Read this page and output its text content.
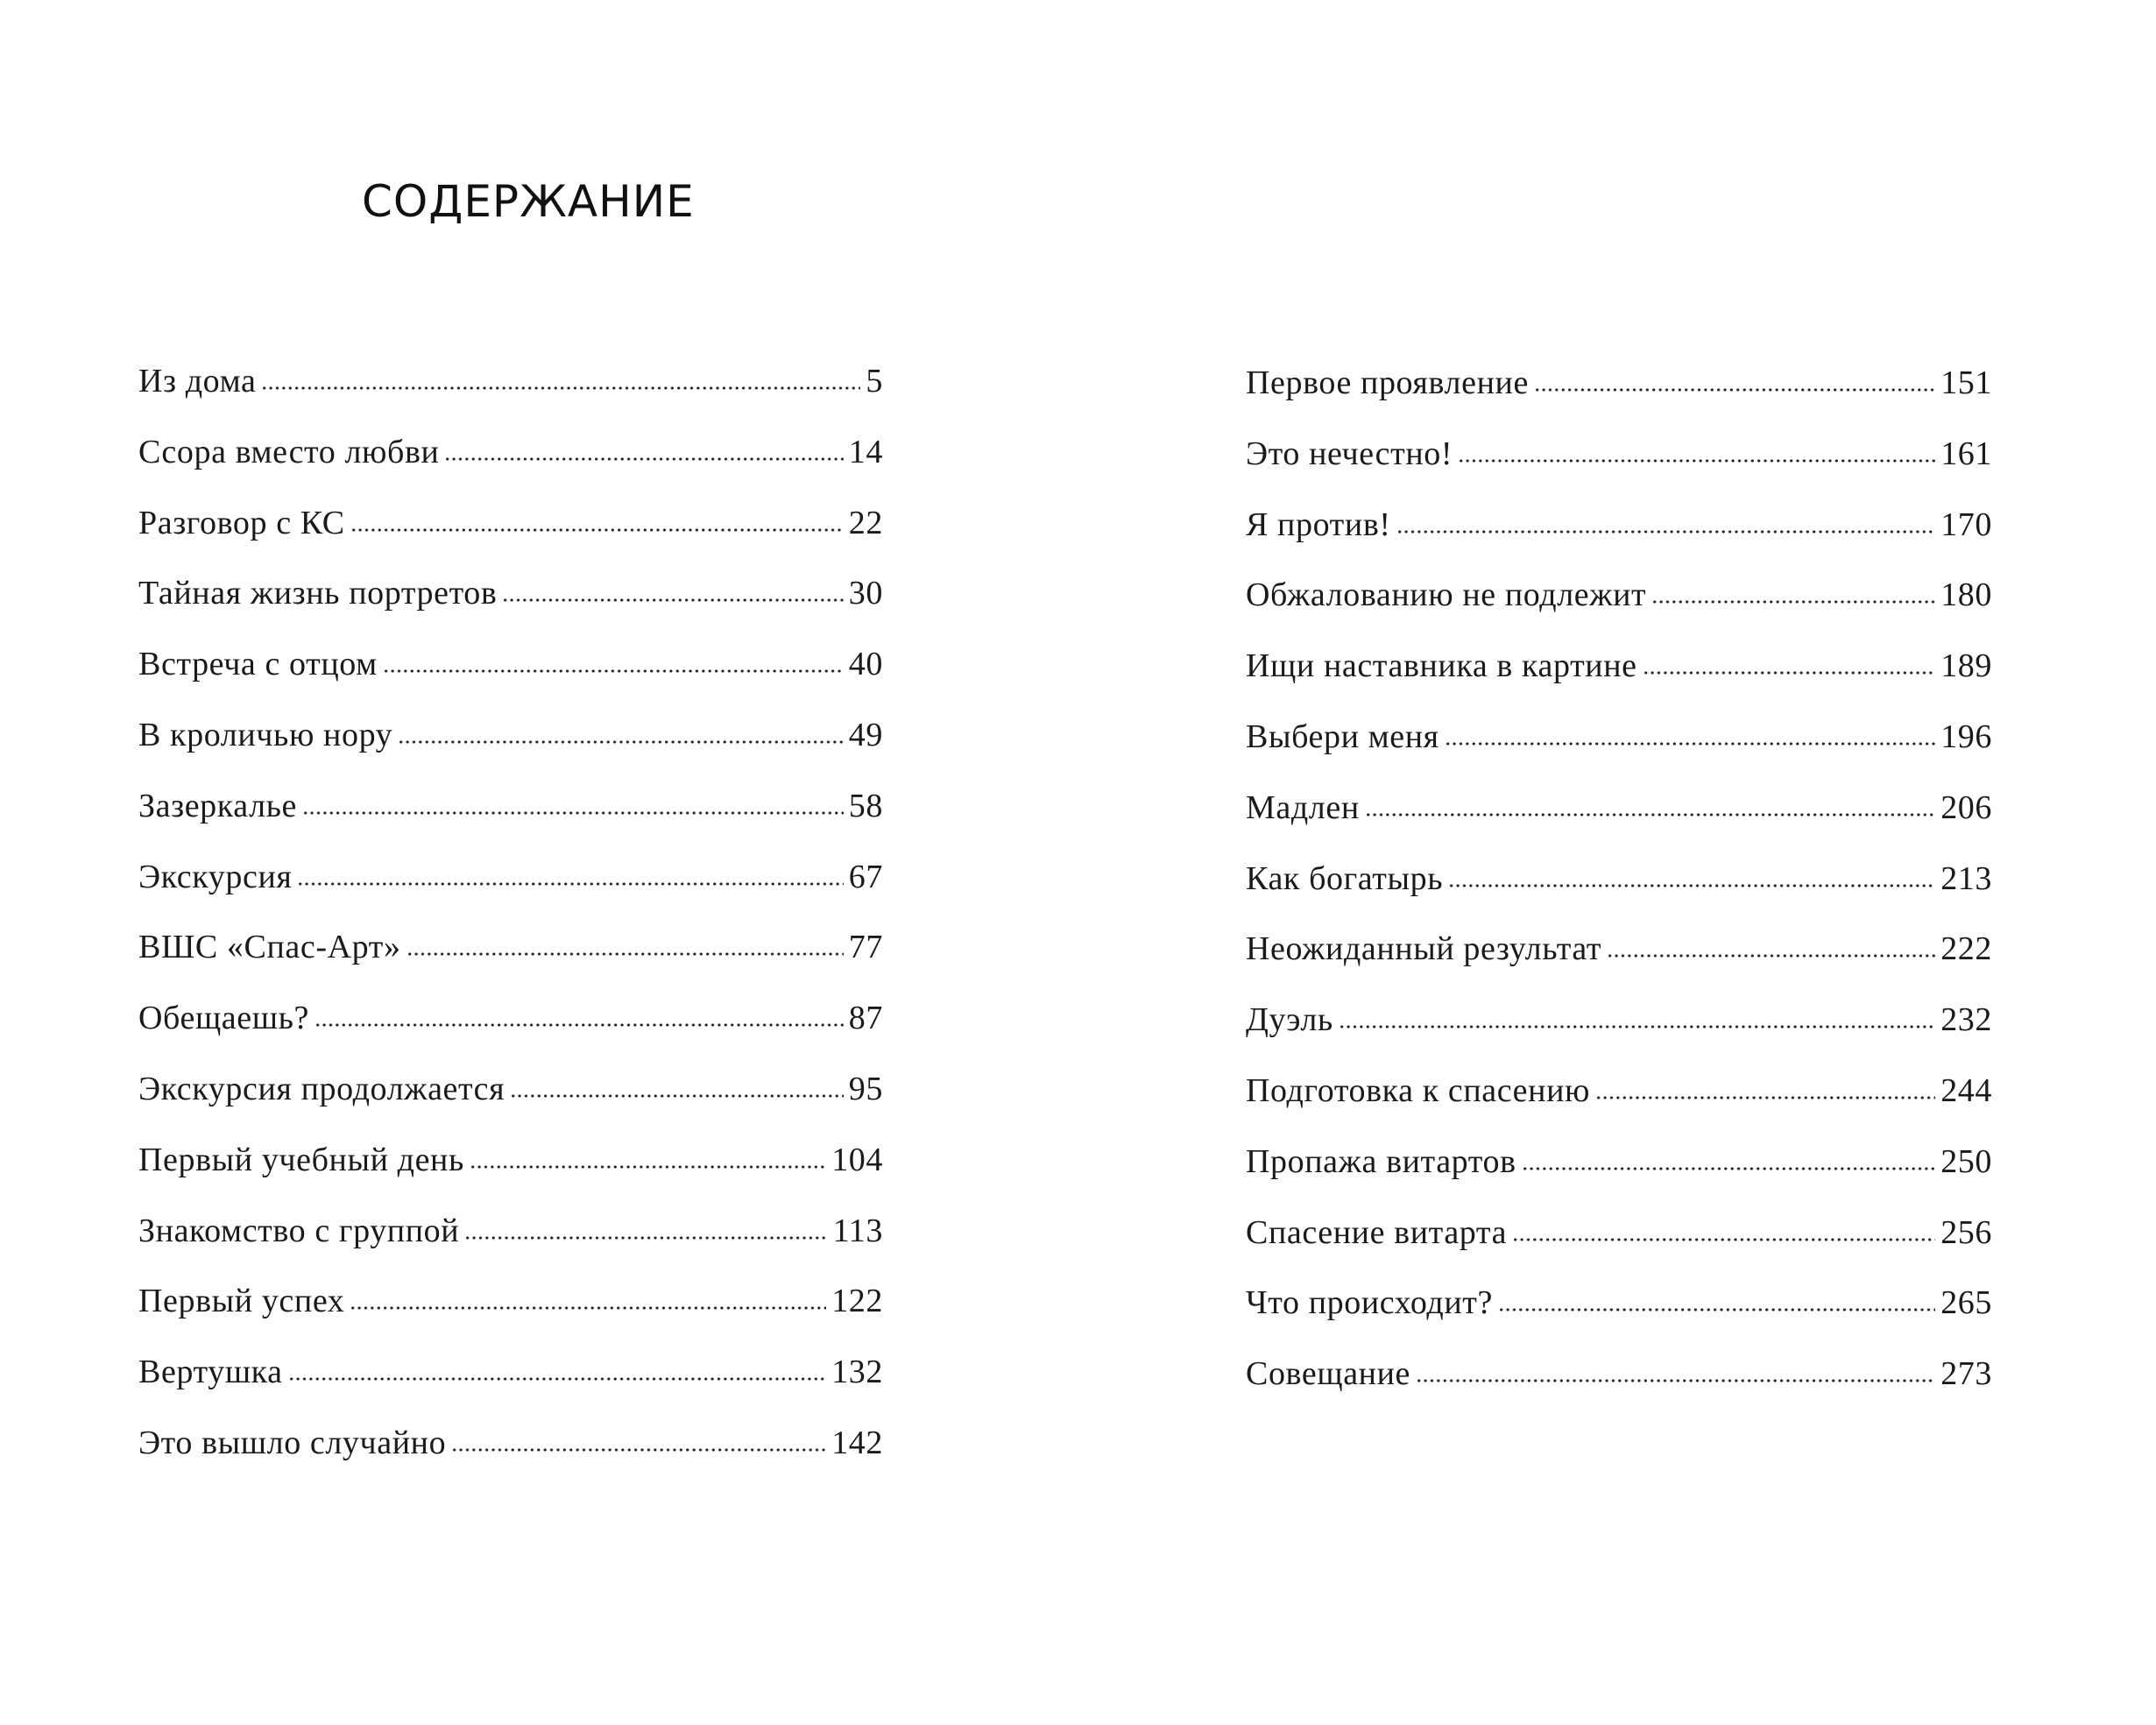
СОДЕРЖАНИЕ
Из дома	5
Ссора вместо любви	14
Разговор с КС	22
Тайная жизнь портретов	30
Встреча с отцом	40
В кроличью нору	49
Зазеркалье	58
Экскурсия	67
ВШС «Спас-Арт»	77
Обещаешь?	87
Экскурсия продолжается	95
Первый учебный день	104
Знакомство с группой	113
Первый успех	122
Вертушка	132
Это вышло случайно	142
Первое проявление	151
Это нечестно!	161
Я против!	170
Обжалованию не подлежит	180
Ищи наставника в картине	189
Выбери меня	196
Мадлен	206
Как богатырь	213
Неожиданный результат	222
Дуэль	232
Подготовка к спасению	244
Пропажа витартов	250
Спасение витарта	256
Что происходит?	265
Совещание	273
